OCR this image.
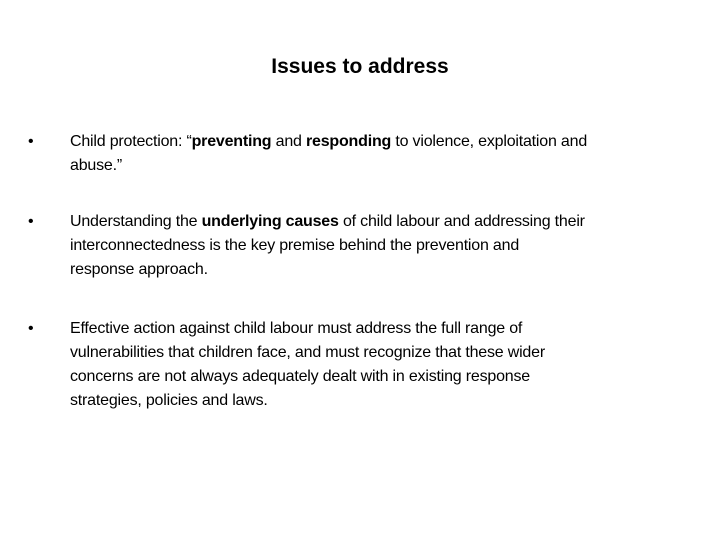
Issues to address
• Child protection: “preventing and responding to violence, exploitation and
abuse.”
• Understanding the underlying causes of child labour and addressing their
interconnectedness is the key premise behind the prevention and
response approach.
• Effective action against child labour must address the full range of
vulnerabilities that children face, and must recognize that these wider
concerns are not always adequately dealt with in existing response
strategies, policies and laws.
